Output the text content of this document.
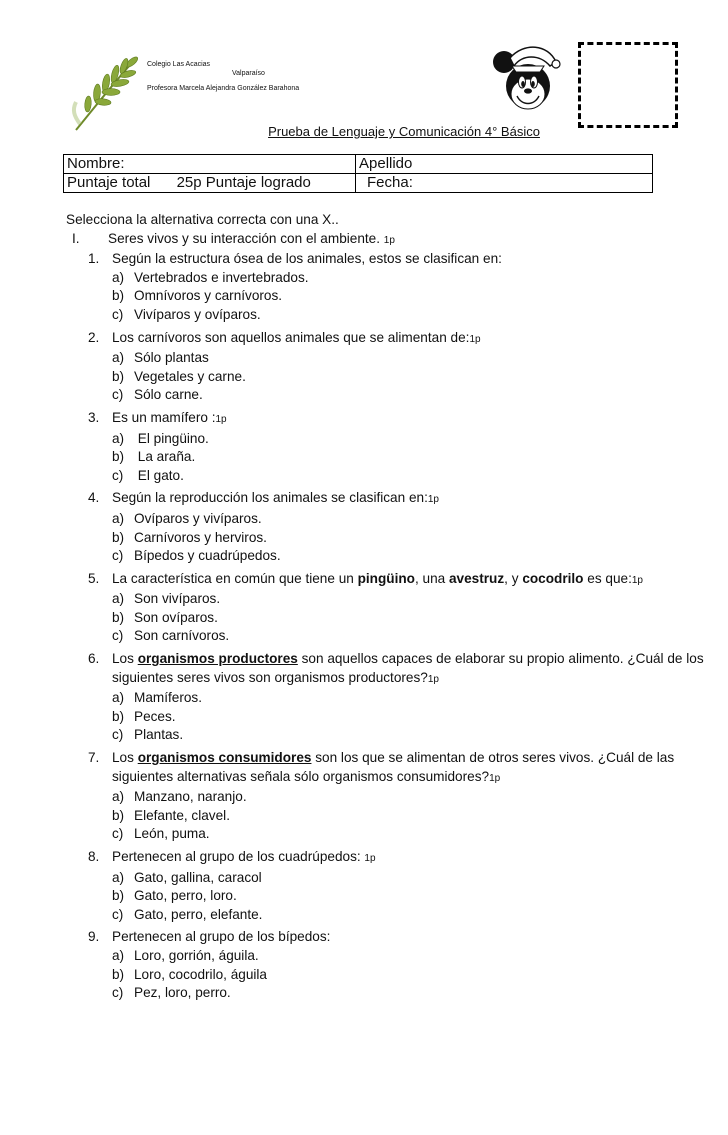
Colegio Las Acacias
Valparaíso
Profesora Marcela Alejandra González Barahona
Prueba de Lenguaje y Comunicación 4° Básico
Nombre:	Apellido
Puntaje total 25p Puntaje logrado	Fecha:

Selecciona la alternativa correcta con una X..

I. Seres vivos y su interacción con el ambiente. 1p
1. Según la estructura ósea de los animales, estos se clasifican en:
a) Vertebrados e invertebrados.
b) Omnívoros y carnívoros.
c) Vivíparos y ovíparos.
2. Los carnívoros son aquellos animales que se alimentan de:1p
a) Sólo plantas
b) Vegetales y carne.
c) Sólo carne.
3. Es un mamífero :1p
a) El pingüino.
b) La araña.
c) El gato.
4. Según la reproducción los animales se clasifican en:1p
a) Ovíparos y vivíparos.
b) Carnívoros y herviros.
c) Bípedos y cuadrúpedos.
5. La característica en común que tiene un pingüino, una avestruz, y cocodrilo es que:1p
a) Son vivíparos.
b) Son ovíparos.
c) Son carnívoros.
6. Los organismos productores son aquellos capaces de elaborar su propio alimento. ¿Cuál de los siguientes seres vivos son organismos productores?1p
a) Mamíferos.
b) Peces.
c) Plantas.
7. Los organismos consumidores son los que se alimentan de otros seres vivos. ¿Cuál de las siguientes alternativas señala sólo organismos consumidores?1p
a) Manzano, naranjo.
b) Elefante, clavel.
c) León, puma.
8. Pertenecen al grupo de los cuadrúpedos: 1p
a) Gato, gallina, caracol
b) Gato, perro, loro.
c) Gato, perro, elefante.
9. Pertenecen al grupo de los bípedos:
a) Loro, gorrión, águila.
b) Loro, cocodrilo, águila
c) Pez, loro, perro.
